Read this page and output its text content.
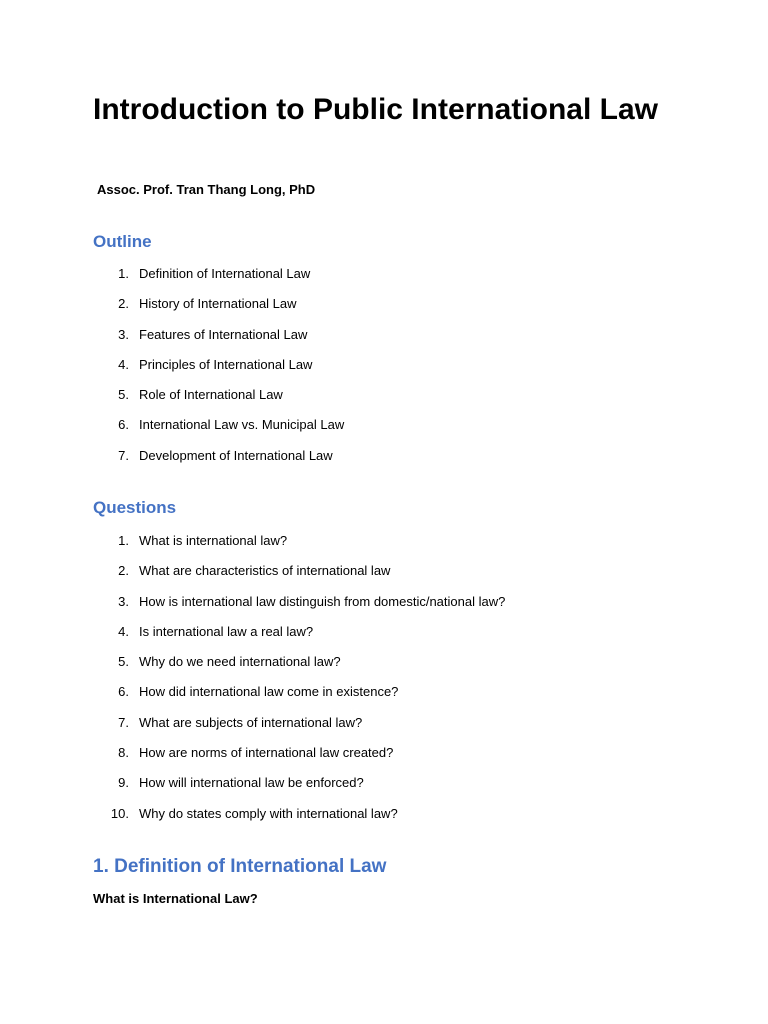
Introduction to Public International Law
Assoc. Prof. Tran Thang Long, PhD
Outline
1. Definition of International Law
2. History of International Law
3. Features of International Law
4. Principles of International Law
5. Role of International Law
6. International Law vs. Municipal Law
7. Development of International Law
Questions
1. What is international law?
2. What are characteristics of international law
3. How is international law distinguish from domestic/national law?
4. Is international law a real law?
5. Why do we need international law?
6. How did international law come in existence?
7. What are subjects of international law?
8. How are norms of international law created?
9. How will international law be enforced?
10. Why do states comply with international law?
1. Definition of International Law
What is International Law?
